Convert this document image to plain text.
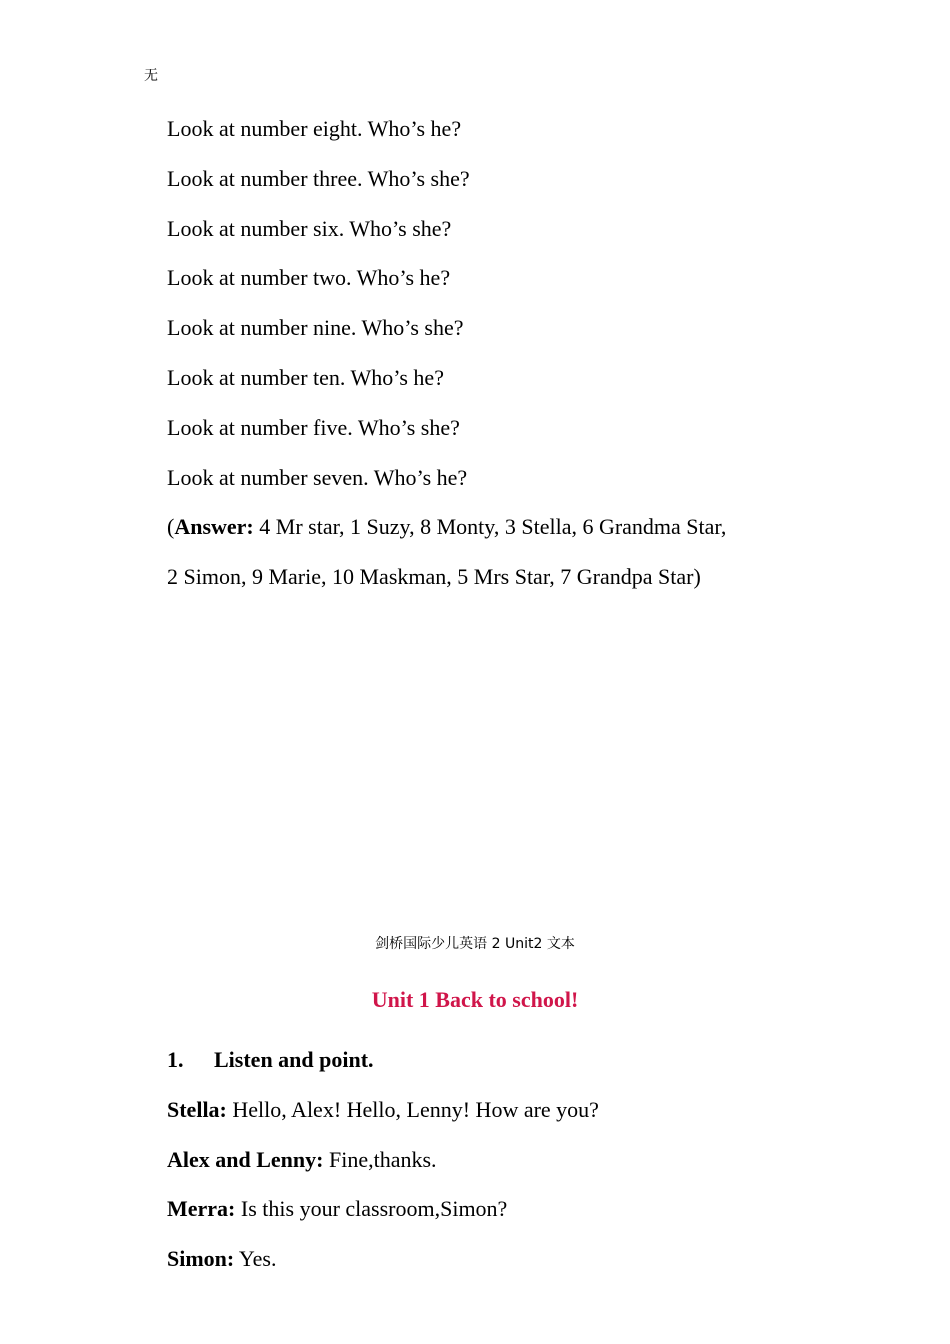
无

Look at number eight. Who’s he?

Look at number three. Who’s she?

Look at number six. Who’s she?

Look at number two. Who’s he?

Look at number nine. Who’s she?

Look at number ten. Who’s he?

Look at number five. Who’s she?

Look at number seven. Who’s he?

(Answer: 4 Mr star, 1 Suzy, 8 Monty, 3 Stella, 6 Grandma Star,

2 Simon, 9 Marie, 10 Maskman, 5 Mrs Star, 7 Grandpa Star)

剑桥国际少儿英语 2 Unit2 文本
Unit 1 Back to school!

1. Listen and point.

Stella: Hello, Alex! Hello, Lenny! How are you?

Alex and Lenny: Fine,thanks.

Merra: Is this your classroom,Simon?

Simon: Yes.
